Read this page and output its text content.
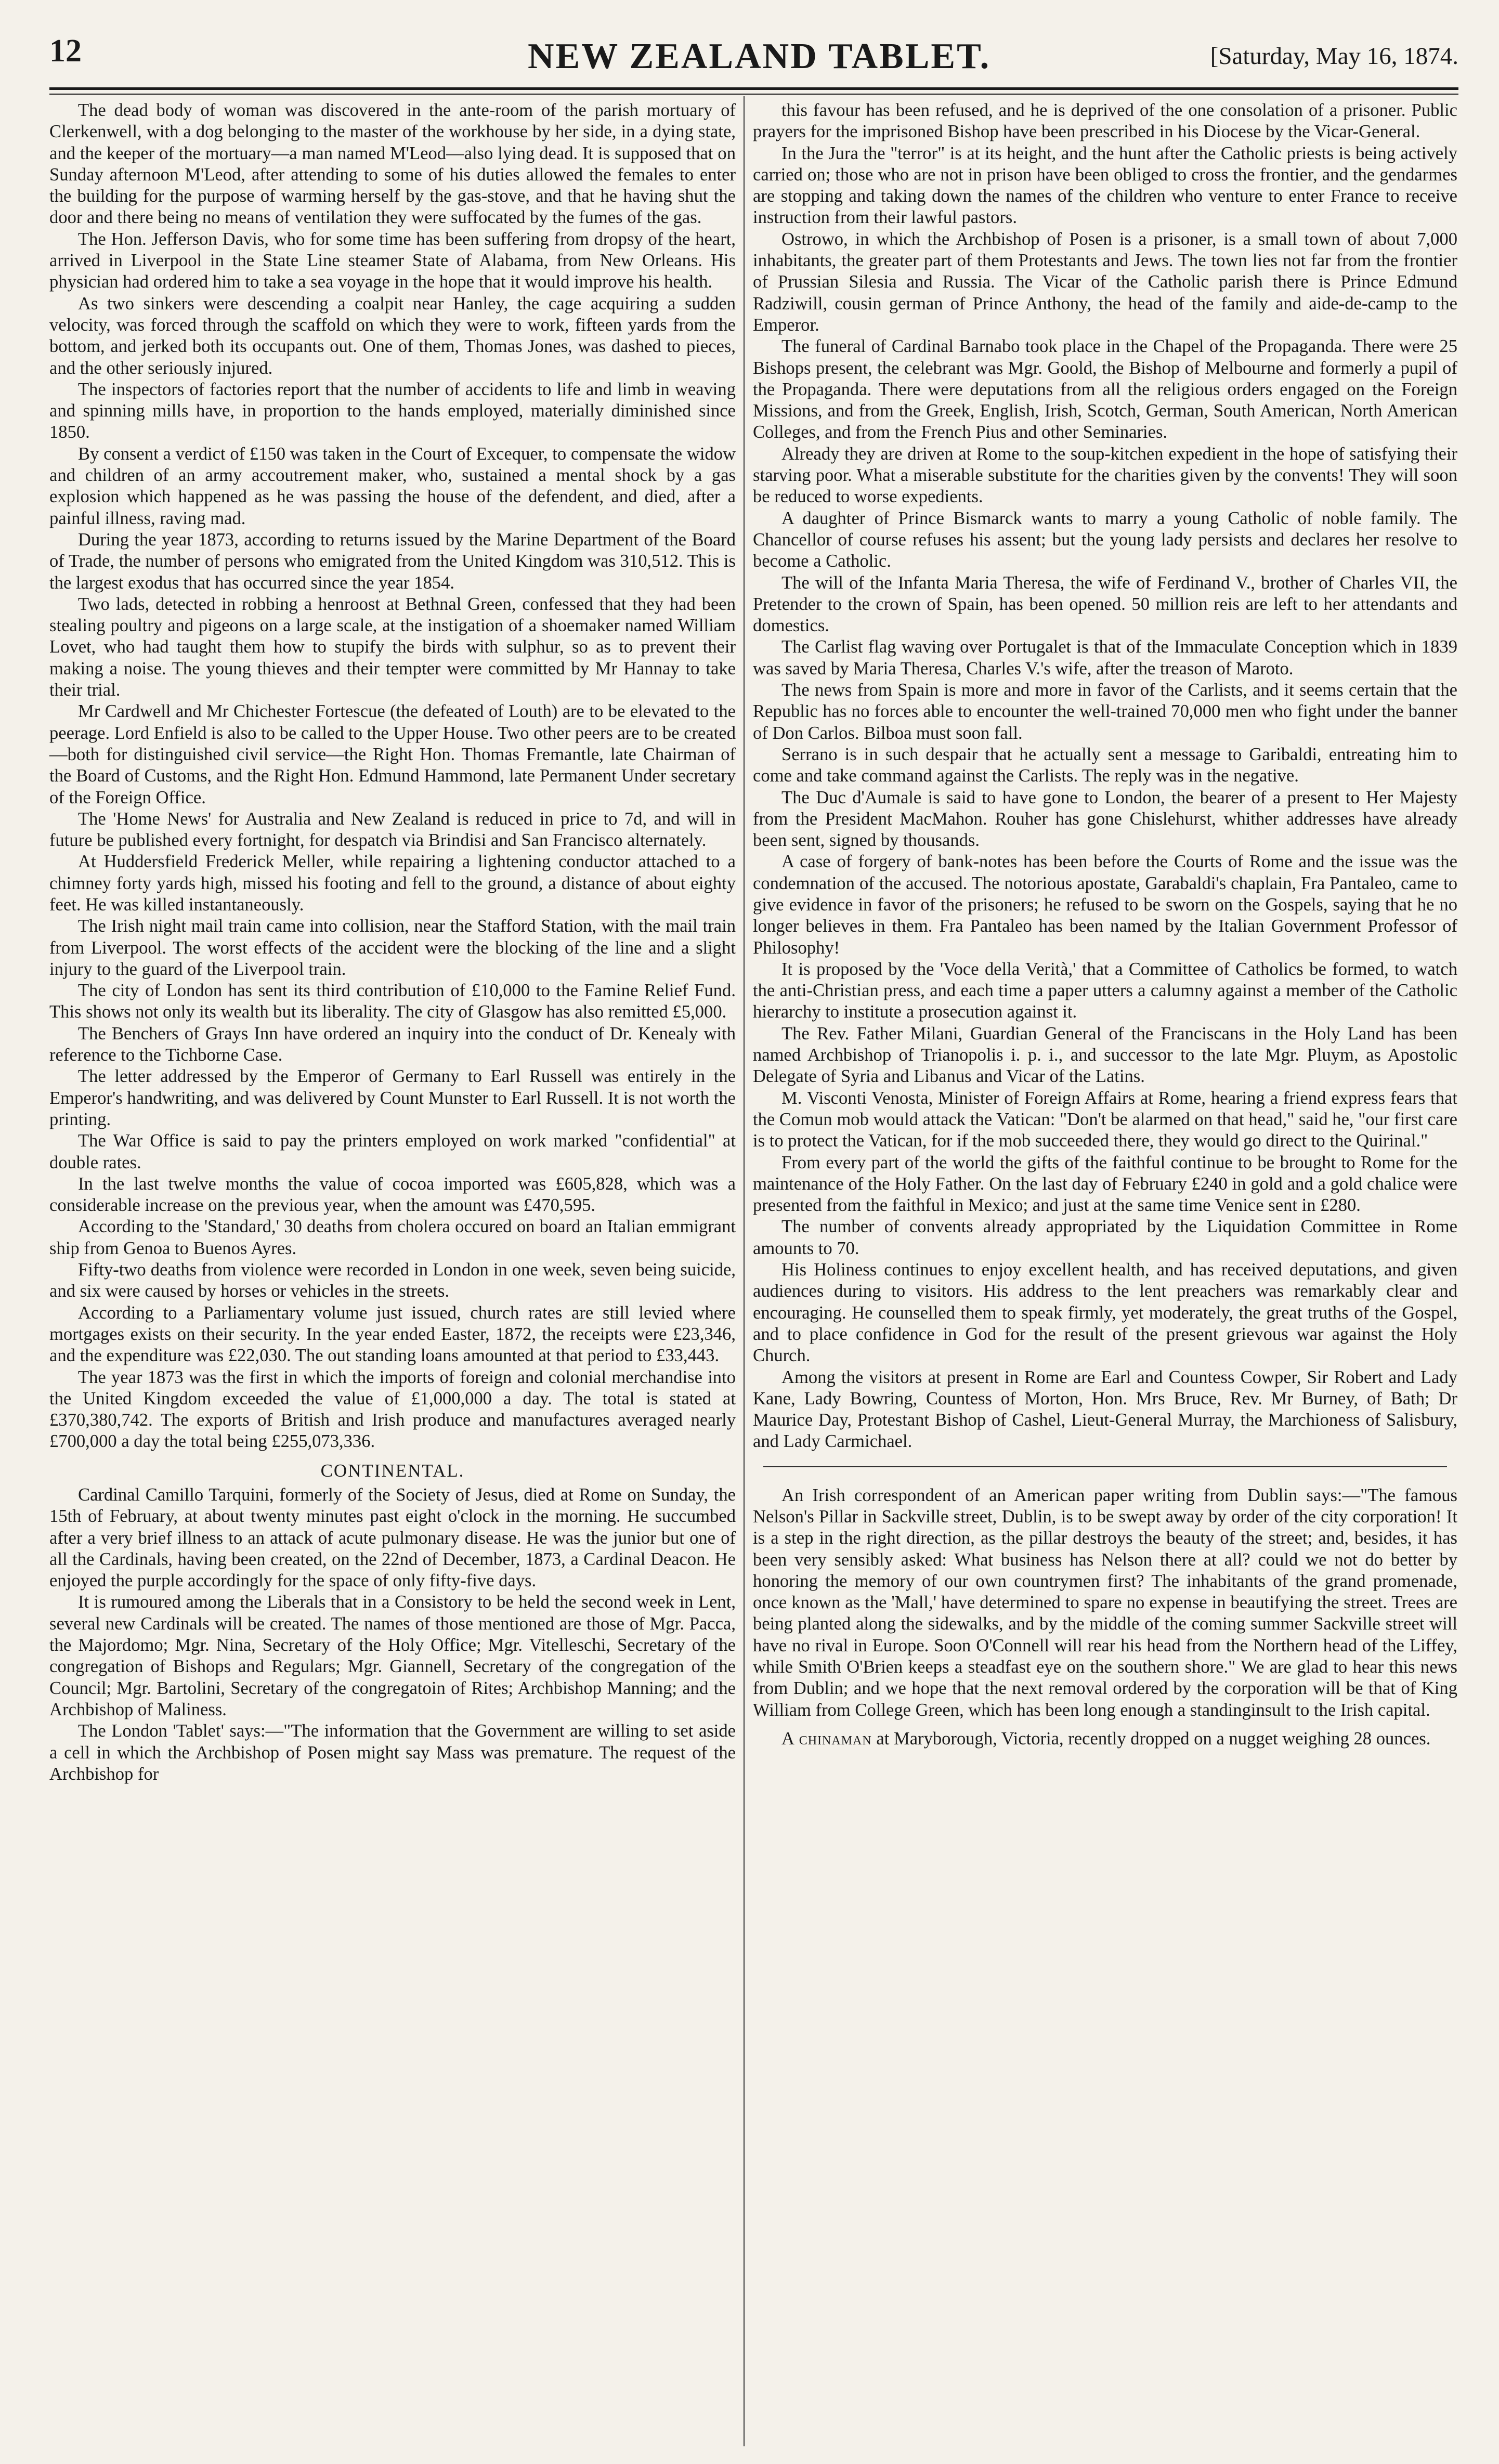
12	NEW ZEALAND TABLET.	[Saturday, May 16, 1874.

The dead body of woman was discovered in the ante-room of the parish mortuary of Clerkenwell, with a dog belonging to the master of the workhouse by her side, in a dying state, and the keeper of the mortuary—a man named M'Leod—also lying dead. It is supposed that on Sunday afternoon M'Leod, after attending to some of his duties allowed the females to enter the building for the purpose of warming herself by the gas-stove, and that he having shut the door and there being no means of ventilation they were suffocated by the fumes of the gas.

The Hon. Jefferson Davis, who for some time has been suffering from dropsy of the heart, arrived in Liverpool in the State Line steamer State of Alabama, from New Orleans. His physician had ordered him to take a sea voyage in the hope that it would improve his health.

As two sinkers were descending a coalpit near Hanley, the cage acquiring a sudden velocity, was forced through the scaffold on which they were to work, fifteen yards from the bottom, and jerked both its occupants out. One of them, Thomas Jones, was dashed to pieces, and the other seriously injured.

The inspectors of factories report that the number of accidents to life and limb in weaving and spinning mills have, in proportion to the hands employed, materially diminished since 1850.

By consent a verdict of £150 was taken in the Court of Excequer, to compensate the widow and children of an army accoutrement maker, who, sustained a mental shock by a gas explosion which happened as he was passing the house of the defendent, and died, after a painful illness, raving mad.

During the year 1873, according to returns issued by the Marine Department of the Board of Trade, the number of persons who emigrated from the United Kingdom was 310,512. This is the largest exodus that has occurred since the year 1854.

Two lads, detected in robbing a henroost at Bethnal Green, confessed that they had been stealing poultry and pigeons on a large scale, at the instigation of a shoemaker named William Lovet, who had taught them how to stupify the birds with sulphur, so as to prevent their making a noise. The young thieves and their tempter were committed by Mr Hannay to take their trial.

Mr Cardwell and Mr Chichester Fortescue (the defeated of Louth) are to be elevated to the peerage. Lord Enfield is also to be called to the Upper House. Two other peers are to be created—both for distinguished civil service—the Right Hon. Thomas Fremantle, late Chairman of the Board of Customs, and the Right Hon. Edmund Hammond, late Permanent Under secretary of the Foreign Office.

The 'Home News' for Australia and New Zealand is reduced in price to 7d, and will in future be published every fortnight, for despatch via Brindisi and San Francisco alternately.

At Huddersfield Frederick Meller, while repairing a lightening conductor attached to a chimney forty yards high, missed his footing and fell to the ground, a distance of about eighty feet. He was killed instantaneously.

The Irish night mail train came into collision, near the Stafford Station, with the mail train from Liverpool. The worst effects of the accident were the blocking of the line and a slight injury to the guard of the Liverpool train.

The city of London has sent its third contribution of £10,000 to the Famine Relief Fund. This shows not only its wealth but its liberality. The city of Glasgow has also remitted £5,000.

The Benchers of Grays Inn have ordered an inquiry into the conduct of Dr. Kenealy with reference to the Tichborne Case.

The letter addressed by the Emperor of Germany to Earl Russell was entirely in the Emperor's handwriting, and was delivered by Count Munster to Earl Russell. It is not worth the printing.

The War Office is said to pay the printers employed on work marked "confidential" at double rates.

In the last twelve months the value of cocoa imported was £605,828, which was a considerable increase on the previous year, when the amount was £470,595.

According to the 'Standard,' 30 deaths from cholera occured on board an Italian emmigrant ship from Genoa to Buenos Ayres.

Fifty-two deaths from violence were recorded in London in one week, seven being suicide, and six were caused by horses or vehicles in the streets.

According to a Parliamentary volume just issued, church rates are still levied where mortgages exists on their security. In the year ended Easter, 1872, the receipts were £23,346, and the expenditure was £22,030. The out standing loans amounted at that period to £33,443.

The year 1873 was the first in which the imports of foreign and colonial merchandise into the United Kingdom exceeded the value of £1,000,000 a day. The total is stated at £370,380,742. The exports of British and Irish produce and manufactures averaged nearly £700,000 a day the total being £255,073,336.

CONTINENTAL.

Cardinal Camillo Tarquini, formerly of the Society of Jesus, died at Rome on Sunday, the 15th of February, at about twenty minutes past eight o'clock in the morning. He succumbed after a very brief illness to an attack of acute pulmonary disease. He was the junior but one of all the Cardinals, having been created, on the 22nd of December, 1873, a Cardinal Deacon. He enjoyed the purple accordingly for the space of only fifty-five days.

It is rumoured among the Liberals that in a Consistory to be held the second week in Lent, several new Cardinals will be created. The names of those mentioned are those of Mgr. Pacca, the Majordomo; Mgr. Nina, Secretary of the Holy Office; Mgr. Vitelleschi, Secretary of the congregation of Bishops and Regulars; Mgr. Giannell, Secretary of the congregation of the Council; Mgr. Bartolini, Secretary of the congregatoin of Rites; Archbishop Manning; and the Archbishop of Maliness.

The London 'Tablet' says:—"The information that the Government are willing to set aside a cell in which the Archbishop of Posen might say Mass was premature. The request of the Archbishop for

this favour has been refused, and he is deprived of the one consolation of a prisoner. Public prayers for the imprisoned Bishop have been prescribed in his Diocese by the Vicar-General.

In the Jura the "terror" is at its height, and the hunt after the Catholic priests is being actively carried on; those who are not in prison have been obliged to cross the frontier, and the gendarmes are stopping and taking down the names of the children who venture to enter France to receive instruction from their lawful pastors.

Ostrowo, in which the Archbishop of Posen is a prisoner, is a small town of about 7,000 inhabitants, the greater part of them Protestants and Jews. The town lies not far from the frontier of Prussian Silesia and Russia. The Vicar of the Catholic parish there is Prince Edmund Radziwill, cousin german of Prince Anthony, the head of the family and aide-de-camp to the Emperor.

The funeral of Cardinal Barnabo took place in the Chapel of the Propaganda. There were 25 Bishops present, the celebrant was Mgr. Goold, the Bishop of Melbourne and formerly a pupil of the Propaganda. There were deputations from all the religious orders engaged on the Foreign Missions, and from the Greek, English, Irish, Scotch, German, South American, North American Colleges, and from the French Pius and other Seminaries.

Already they are driven at Rome to the soup-kitchen expedient in the hope of satisfying their starving poor. What a miserable substitute for the charities given by the convents! They will soon be reduced to worse expedients.

A daughter of Prince Bismarck wants to marry a young Catholic of noble family. The Chancellor of course refuses his assent; but the young lady persists and declares her resolve to become a Catholic.

The will of the Infanta Maria Theresa, the wife of Ferdinand V., brother of Charles VII, the Pretender to the crown of Spain, has been opened. 50 million reis are left to her attendants and domestics.

The Carlist flag waving over Portugalet is that of the Immaculate Conception which in 1839 was saved by Maria Theresa, Charles V.'s wife, after the treason of Maroto.

The news from Spain is more and more in favor of the Carlists, and it seems certain that the Republic has no forces able to encounter the well-trained 70,000 men who fight under the banner of Don Carlos. Bilboa must soon fall.

Serrano is in such despair that he actually sent a message to Garibaldi, entreating him to come and take command against the Carlists. The reply was in the negative.

The Duc d'Aumale is said to have gone to London, the bearer of a present to Her Majesty from the President MacMahon. Rouher has gone Chislehurst, whither addresses have already been sent, signed by thousands.

A case of forgery of bank-notes has been before the Courts of Rome and the issue was the condemnation of the accused. The notorious apostate, Garabaldi's chaplain, Fra Pantaleo, came to give evidence in favor of the prisoners; he refused to be sworn on the Gospels, saying that he no longer believes in them. Fra Pantaleo has been named by the Italian Government Professor of Philosophy!

It is proposed by the 'Voce della Verità,' that a Committee of Catholics be formed, to watch the anti-Christian press, and each time a paper utters a calumny against a member of the Catholic hierarchy to institute a prosecution against it.

The Rev. Father Milani, Guardian General of the Franciscans in the Holy Land has been named Archbishop of Trianopolis i. p. i., and successor to the late Mgr. Pluym, as Apostolic Delegate of Syria and Libanus and Vicar of the Latins.

M. Visconti Venosta, Minister of Foreign Affairs at Rome, hearing a friend express fears that the Comun mob would attack the Vatican: "Don't be alarmed on that head," said he, "our first care is to protect the Vatican, for if the mob succeeded there, they would go direct to the Quirinal."

From every part of the world the gifts of the faithful continue to be brought to Rome for the maintenance of the Holy Father. On the last day of February £240 in gold and a gold chalice were presented from the faithful in Mexico; and just at the same time Venice sent in £280.

The number of convents already appropriated by the Liquidation Committee in Rome amounts to 70.

His Holiness continues to enjoy excellent health, and has received deputations, and given audiences during to visitors. His address to the lent preachers was remarkably clear and encouraging. He counselled them to speak firmly, yet moderately, the great truths of the Gospel, and to place confidence in God for the result of the present grievous war against the Holy Church.

Among the visitors at present in Rome are Earl and Countess Cowper, Sir Robert and Lady Kane, Lady Bowring, Countess of Morton, Hon. Mrs Bruce, Rev. Mr Burney, of Bath; Dr Maurice Day, Protestant Bishop of Cashel, Lieut-General Murray, the Marchioness of Salisbury, and Lady Carmichael.

An Irish correspondent of an American paper writing from Dublin says:—"The famous Nelson's Pillar in Sackville street, Dublin, is to be swept away by order of the city corporation! It is a step in the right direction, as the pillar destroys the beauty of the street; and, besides, it has been very sensibly asked: What business has Nelson there at all? could we not do better by honoring the memory of our own countrymen first? The inhabitants of the grand promenade, once known as the 'Mall,' have determined to spare no expense in beautifying the street. Trees are being planted along the sidewalks, and by the middle of the coming summer Sackville street will have no rival in Europe. Soon O'Connell will rear his head from the Northern head of the Liffey, while Smith O'Brien keeps a steadfast eye on the southern shore." We are glad to hear this news from Dublin; and we hope that the next removal ordered by the corporation will be that of King William from College Green, which has been long enough a standinginsult to the Irish capital.

A chinaman at Maryborough, Victoria, recently dropped on a nugget weighing 28 ounces.
